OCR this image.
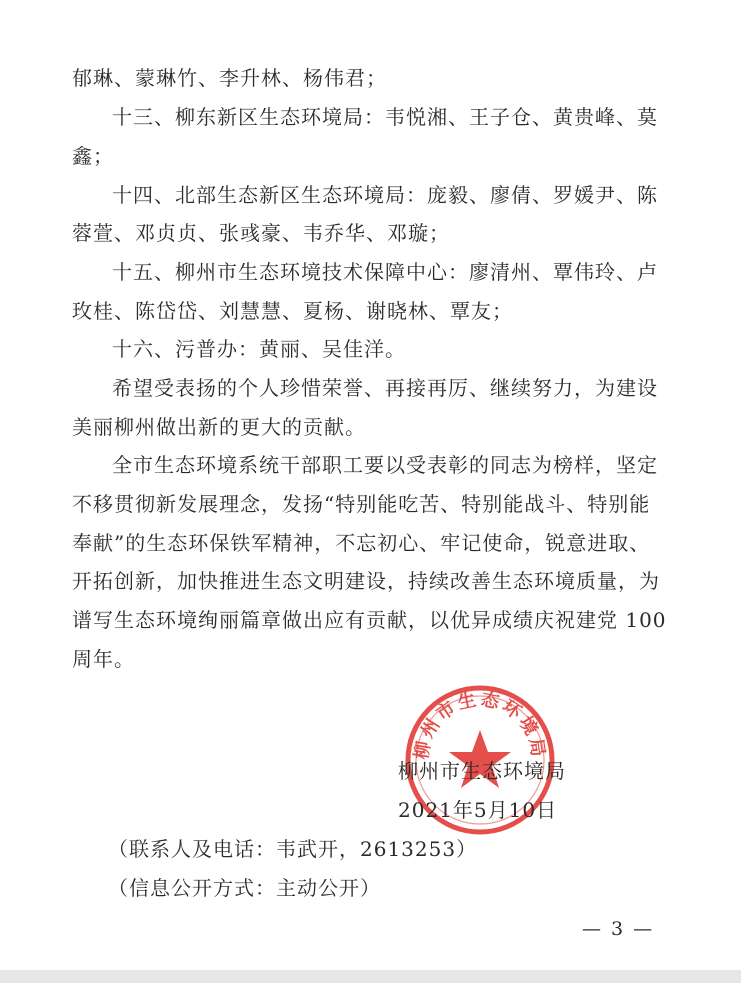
郁琳、蒙琳竹、李升林、杨伟君；
十三、柳东新区生态环境局：韦悦湘、王子仓、黄贵峰、莫
鑫；
十四、北部生态新区生态环境局：庞毅、廖倩、罗媛尹、陈
蓉萱、邓贞贞、张彧豪、韦乔华、邓璇；
十五、柳州市生态环境技术保障中心：廖清州、覃伟玲、卢
玫桂、陈岱岱、刘慧慧、夏杨、谢晓林、覃友；
十六、污普办：黄丽、吴佳洋。
希望受表扬的个人珍惜荣誉、再接再厉、继续努力，为建设
美丽柳州做出新的更大的贡献。
全市生态环境系统干部职工要以受表彰的同志为榜样，坚定
不移贯彻新发展理念，发扬“特别能吃苦、特别能战斗、特别能
奉献”的生态环保铁军精神，不忘初心、牢记使命，锐意进取、
开拓创新，加快推进生态文明建设，持续改善生态环境质量，为
谱写生态环境绚丽篇章做出应有贡献，以优异成绩庆祝建党 100
周年。
柳州市生态环境局
柳州市生态环境局
2021年5月10日
（联系人及电话：韦武开，2613253）
（信息公开方式：主动公开）
— 3 —
